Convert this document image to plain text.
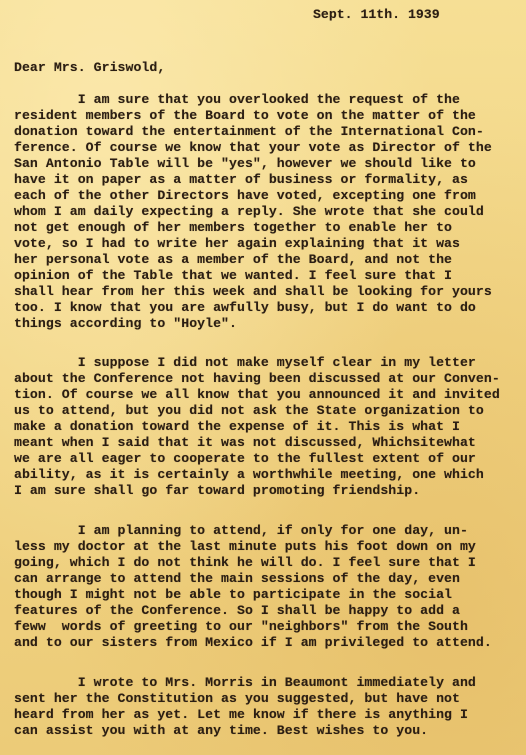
Sept. 11th. 1939
Dear Mrs. Griswold,
I am sure that you overlooked the request of the
resident members of the Board to vote on the matter of the
donation toward the entertainment of the International Con-
ference. Of course we know that your vote as Director of the
San Antonio Table will be "yes", however we should like to
have it on paper as a matter of business or formality, as
each of the other Directors have voted, excepting one from
whom I am daily expecting a reply. She wrote that she could
not get enough of her members together to enable her to
vote, so I had to write her again explaining that it was
her personal vote as a member of the Board, and not the
opinion of the Table that we wanted. I feel sure that I
shall hear from her this week and shall be looking for yours
too. I know that you are awfully busy, but I do want to do
things according to "Hoyle".
I suppose I did not make myself clear in my letter
about the Conference not having been discussed at our Conven-
tion. Of course we all know that you announced it and invited
us to attend, but you did not ask the State organization to
make a donation toward the expense of it. This is what I
meant when I said that it was not discussed, Whichsitewhat
we are all eager to cooperate to the fullest extent of our
ability, as it is certainly a worthwhile meeting, one which
I am sure shall go far toward promoting friendship.
I am planning to attend, if only for one day, un-
less my doctor at the last minute puts his foot down on my
going, which I do not think he will do. I feel sure that I
can arrange to attend the main sessions of the day, even
though I might not be able to participate in the social
features of the Conference. So I shall be happy to add a
feww  words of greeting to our "neighbors" from the South
and to our sisters from Mexico if I am privileged to attend.
I wrote to Mrs. Morris in Beaumont immediately and
sent her the Constitution as you suggested, but have not
heard from her as yet. Let me know if there is anything I
can assist you with at any time. Best wishes to you.
